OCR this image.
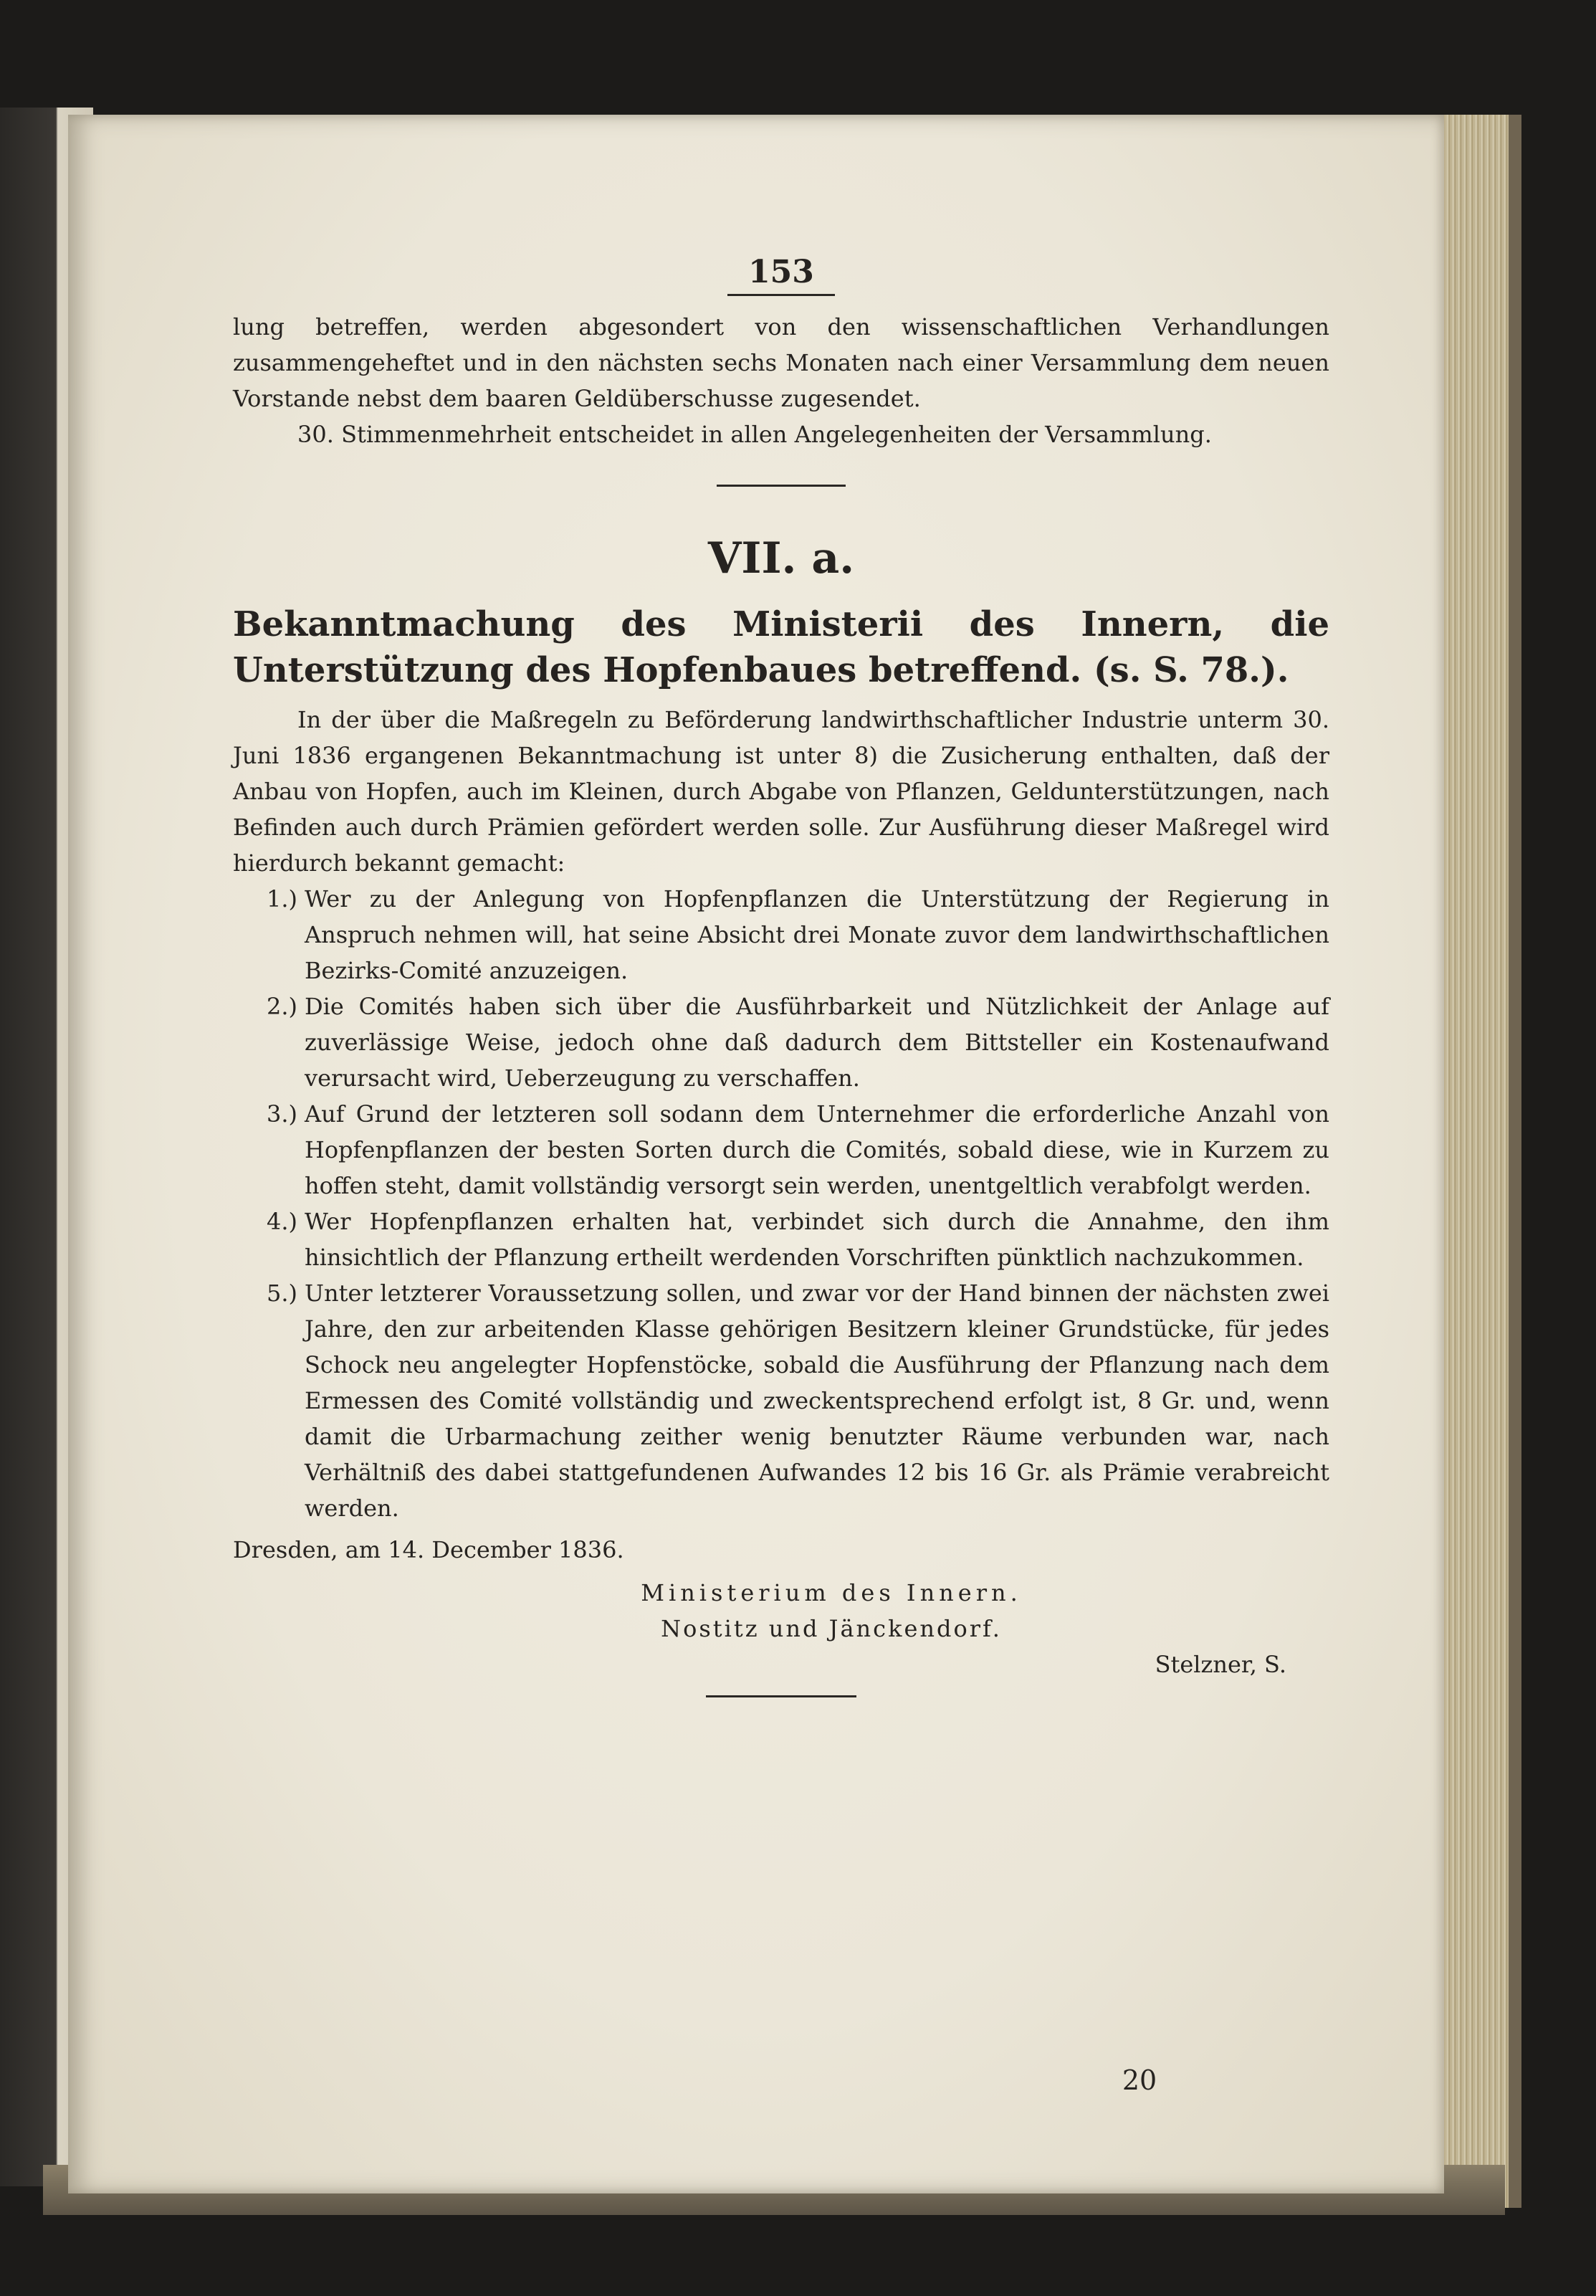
153

lung betreffen, werden abgesondert von den wissenschaftlichen Verhandlungen zusammengeheftet und in den nächsten sechs Monaten nach einer Versammlung dem neuen Vorstande nebst dem baaren Geldüberschusse zugesendet.

30. Stimmenmehrheit entscheidet in allen Angelegenheiten der Versammlung.

VII. a.
Bekanntmachung des Ministerii des Innern, die Unterstützung des Hopfenbaues betreffend. (s. S. 78.).

In der über die Maßregeln zu Beförderung landwirthschaftlicher Industrie unterm 30. Juni 1836 ergangenen Bekanntmachung ist unter 8) die Zusicherung enthalten, daß der Anbau von Hopfen, auch im Kleinen, durch Abgabe von Pflanzen, Geldunterstützungen, nach Befinden auch durch Prämien gefördert werden solle. Zur Ausführung dieser Maßregel wird hierdurch bekannt gemacht:

1.) Wer zu der Anlegung von Hopfenpflanzen die Unterstützung der Regierung in Anspruch nehmen will, hat seine Absicht drei Monate zuvor dem landwirthschaftlichen Bezirks-Comité anzuzeigen.
2.) Die Comités haben sich über die Ausführbarkeit und Nützlichkeit der Anlage auf zuverlässige Weise, jedoch ohne daß dadurch dem Bittsteller ein Kostenaufwand verursacht wird, Ueberzeugung zu verschaffen.
3.) Auf Grund der letzteren soll sodann dem Unternehmer die erforderliche Anzahl von Hopfenpflanzen der besten Sorten durch die Comités, sobald diese, wie in Kurzem zu hoffen steht, damit vollständig versorgt sein werden, unentgeltlich verabfolgt werden.
4.) Wer Hopfenpflanzen erhalten hat, verbindet sich durch die Annahme, den ihm hinsichtlich der Pflanzung ertheilt werdenden Vorschriften pünktlich nachzukommen.
5.) Unter letzterer Voraussetzung sollen, und zwar vor der Hand binnen der nächsten zwei Jahre, den zur arbeitenden Klasse gehörigen Besitzern kleiner Grundstücke, für jedes Schock neu angelegter Hopfenstöcke, sobald die Ausführung der Pflanzung nach dem Ermessen des Comité vollständig und zweckentsprechend erfolgt ist, 8 Gr. und, wenn damit die Urbarmachung zeither wenig benutzter Räume verbunden war, nach Verhältniß des dabei stattgefundenen Aufwandes 12 bis 16 Gr. als Prämie verabreicht werden.

Dresden, am 14. December 1836.

Ministerium des Innern.
Nostitz und Jänckendorf.
Stelzner, S.
20
